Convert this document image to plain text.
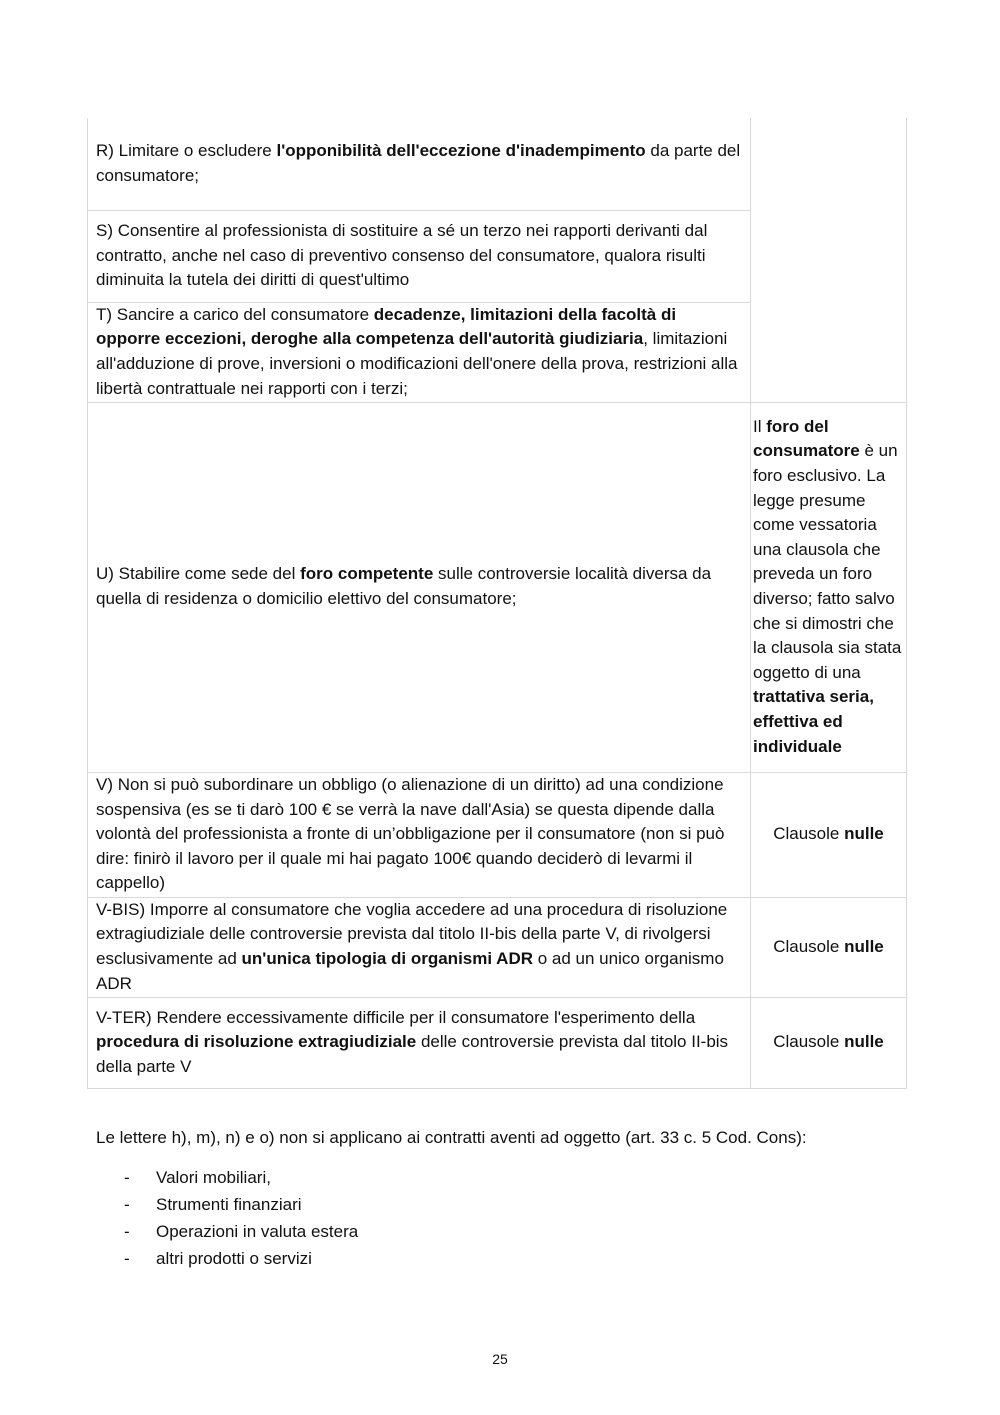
R) Limitare o escludere l'opponibilità dell'eccezione d'inadempimento da parte del consumatore;	
S) Consentire al professionista di sostituire a sé un terzo nei rapporti derivanti dal contratto, anche nel caso di preventivo consenso del consumatore, qualora risulti diminuita la tutela dei diritti di quest'ultimo	
T) Sancire a carico del consumatore decadenze, limitazioni della facoltà di opporre eccezioni, deroghe alla competenza dell'autorità giudiziaria, limitazioni all'adduzione di prove, inversioni o modificazioni dell'onere della prova, restrizioni alla libertà contrattuale nei rapporti con i terzi;	
U) Stabilire come sede del foro competente sulle controversie località diversa da quella di residenza o domicilio elettivo del consumatore;	Il foro del consumatore è un foro esclusivo. La legge presume come vessatoria una clausola che preveda un foro diverso; fatto salvo che si dimostri che la clausola sia stata oggetto di una trattativa seria, effettiva ed individuale
V) Non si può subordinare un obbligo (o alienazione di un diritto) ad una condizione sospensiva (es se ti darò 100 € se verrà la nave dall'Asia) se questa dipende dalla volontà del professionista a fronte di un’obbligazione per il consumatore (non si può dire: finirò il lavoro per il quale mi hai pagato 100€ quando deciderò di levarmi il cappello)	Clausole nulle
V-BIS) Imporre al consumatore che voglia accedere ad una procedura di risoluzione extragiudiziale delle controversie prevista dal titolo II-bis della parte V, di rivolgersi esclusivamente ad un'unica tipologia di organismi ADR o ad un unico organismo ADR	Clausole nulle
V-TER) Rendere eccessivamente difficile per il consumatore l'esperimento della procedura di risoluzione extragiudiziale delle controversie prevista dal titolo II-bis della parte V	Clausole nulle

Le lettere h), m), n) e o) non si applicano ai contratti aventi ad oggetto (art. 33 c. 5 Cod. Cons):

- Valori mobiliari,
- Strumenti finanziari
- Operazioni in valuta estera
- altri prodotti o servizi
25
